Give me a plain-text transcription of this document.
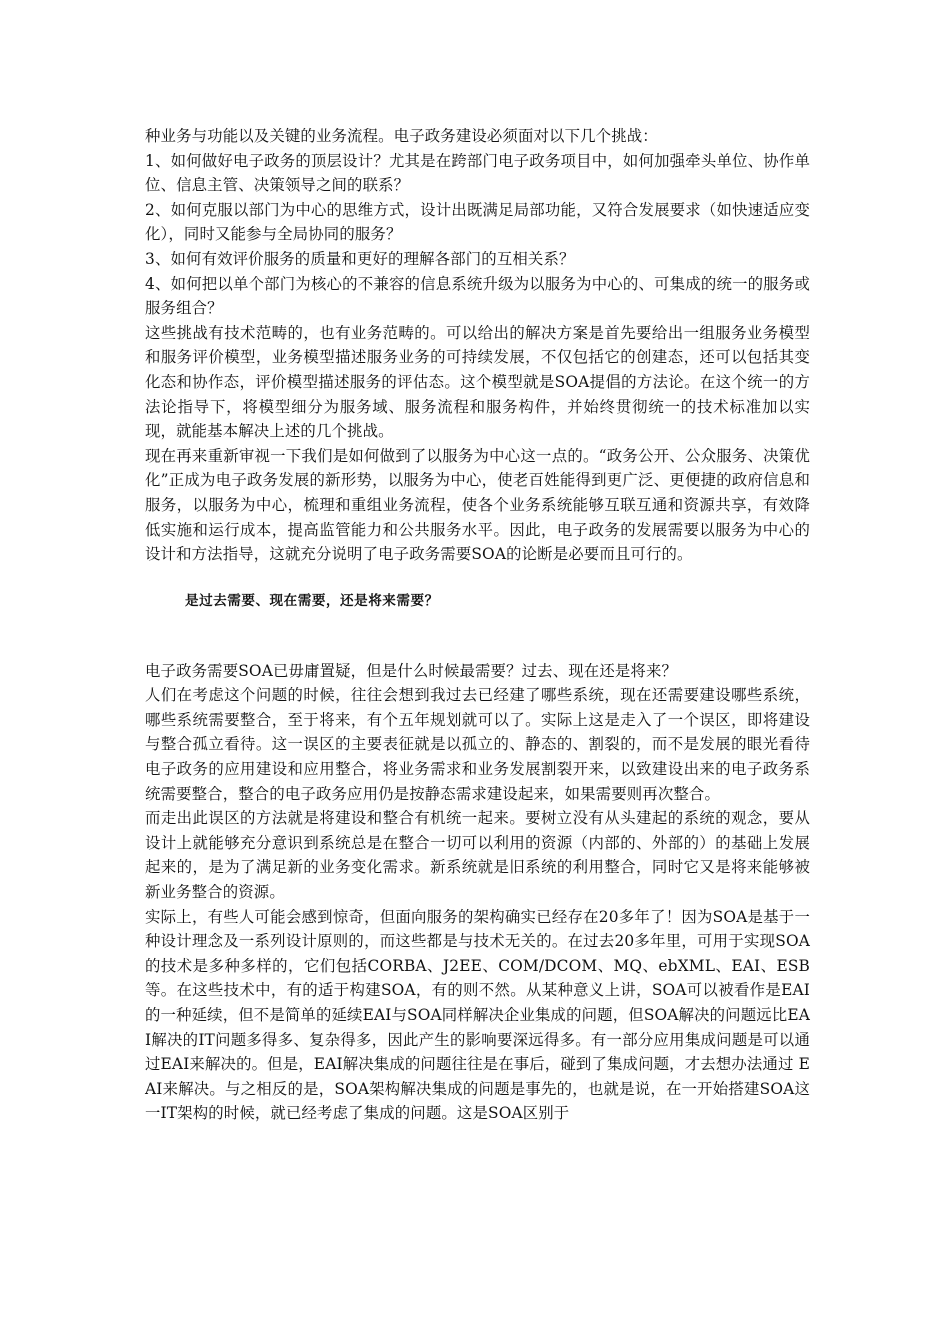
种业务与功能以及关键的业务流程。电子政务建设必须面对以下几个挑战：

1、如何做好电子政务的顶层设计？尤其是在跨部门电子政务项目中，如何加强牵头单位、协作单位、信息主管、决策领导之间的联系？

2、如何克服以部门为中心的思维方式，设计出既满足局部功能，又符合发展要求（如快速适应变化），同时又能参与全局协同的服务？

3、如何有效评价服务的质量和更好的理解各部门的互相关系？

4、如何把以单个部门为核心的不兼容的信息系统升级为以服务为中心的、可集成的统一的服务或服务组合？

这些挑战有技术范畴的，也有业务范畴的。可以给出的解决方案是首先要给出一组服务业务模型和服务评价模型，业务模型描述服务业务的可持续发展，不仅包括它的创建态，还可以包括其变化态和协作态，评价模型描述服务的评估态。这个模型就是SOA提倡的方法论。在这个统一的方法论指导下，将模型细分为服务域、服务流程和服务构件，并始终贯彻统一的技术标准加以实现，就能基本解决上述的几个挑战。

现在再来重新审视一下我们是如何做到了以服务为中心这一点的。“政务公开、公众服务、决策优化”正成为电子政务发展的新形势，以服务为中心，使老百姓能得到更广泛、更便捷的政府信息和服务，以服务为中心，梳理和重组业务流程，使各个业务系统能够互联互通和资源共享，有效降低实施和运行成本，提高监管能力和公共服务水平。因此，电子政务的发展需要以服务为中心的设计和方法指导，这就充分说明了电子政务需要SOA的论断是必要而且可行的。

是过去需要、现在需要，还是将来需要？

电子政务需要SOA已毋庸置疑，但是什么时候最需要？过去、现在还是将来？

人们在考虑这个问题的时候，往往会想到我过去已经建了哪些系统，现在还需要建设哪些系统，哪些系统需要整合，至于将来，有个五年规划就可以了。实际上这是走入了一个误区，即将建设与整合孤立看待。这一误区的主要表征就是以孤立的、静态的、割裂的，而不是发展的眼光看待电子政务的应用建设和应用整合，将业务需求和业务发展割裂开来，以致建设出来的电子政务系统需要整合，整合的电子政务应用仍是按静态需求建设起来，如果需要则再次整合。

而走出此误区的方法就是将建设和整合有机统一起来。要树立没有从头建起的系统的观念，要从设计上就能够充分意识到系统总是在整合一切可以利用的资源（内部的、外部的）的基础上发展起来的，是为了满足新的业务变化需求。新系统就是旧系统的利用整合，同时它又是将来能够被新业务整合的资源。

实际上，有些人可能会感到惊奇，但面向服务的架构确实已经存在20多年了！因为SOA是基于一种设计理念及一系列设计原则的，而这些都是与技术无关的。在过去20多年里，可用于实现SOA的技术是多种多样的，它们包括CORBA、J2EE、COM/DCOM、MQ、ebXML、EAI、ESB等。在这些技术中，有的适于构建SOA，有的则不然。从某种意义上讲，SOA可以被看作是EAI的一种延续，但不是简单的延续EAI与SOA同样解决企业集成的问题，但SOA解决的问题远比EAI解决的IT问题多得多、复杂得多，因此产生的影响要深远得多。有一部分应用集成问题是可以通过EAI来解决的。但是，EAI解决集成的问题往往是在事后，碰到了集成问题，才去想办法通过 EAI来解决。与之相反的是，SOA架构解决集成的问题是事先的，也就是说，在一开始搭建SOA这一IT架构的时候，就已经考虑了集成的问题。这是SOA区别于
